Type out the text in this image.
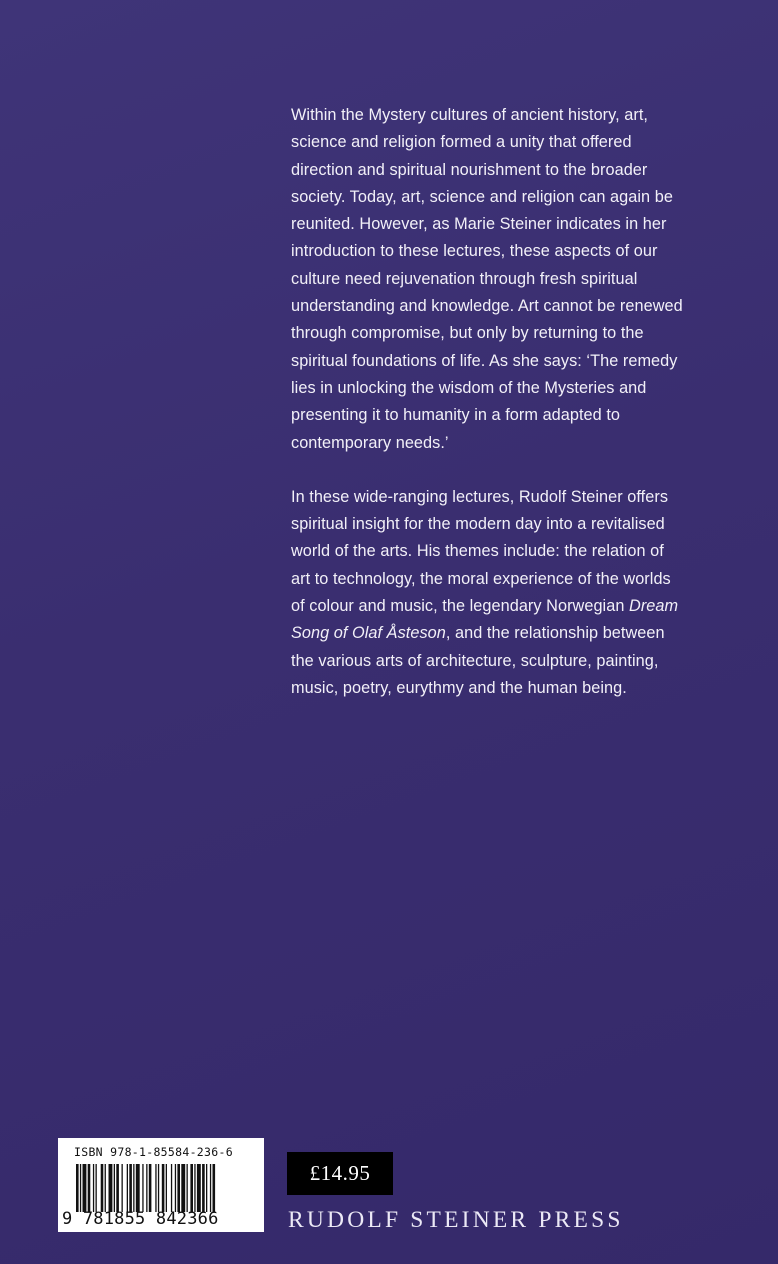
Within the Mystery cultures of ancient history, art,
science and religion formed a unity that offered
direction and spiritual nourishment to the broader
society. Today, art, science and religion can again be
reunited. However, as Marie Steiner indicates in her
introduction to these lectures, these aspects of our
culture need rejuvenation through fresh spiritual
understanding and knowledge. Art cannot be renewed
through compromise, but only by returning to the
spiritual foundations of life. As she says: ‘The remedy
lies in unlocking the wisdom of the Mysteries and
presenting it to humanity in a form adapted to
contemporary needs.’

In these wide-ranging lectures, Rudolf Steiner offers
spiritual insight for the modern day into a revitalised
world of the arts. His themes include: the relation of
art to technology, the moral experience of the worlds
of colour and music, the legendary Norwegian Dream
Song of Olaf Åsteson, and the relationship between
the various arts of architecture, sculpture, painting,
music, poetry, eurythmy and the human being.

ISBN 978-1-85584-236-6
9 781855 842366
£14.95
RUDOLF STEINER PRESS
